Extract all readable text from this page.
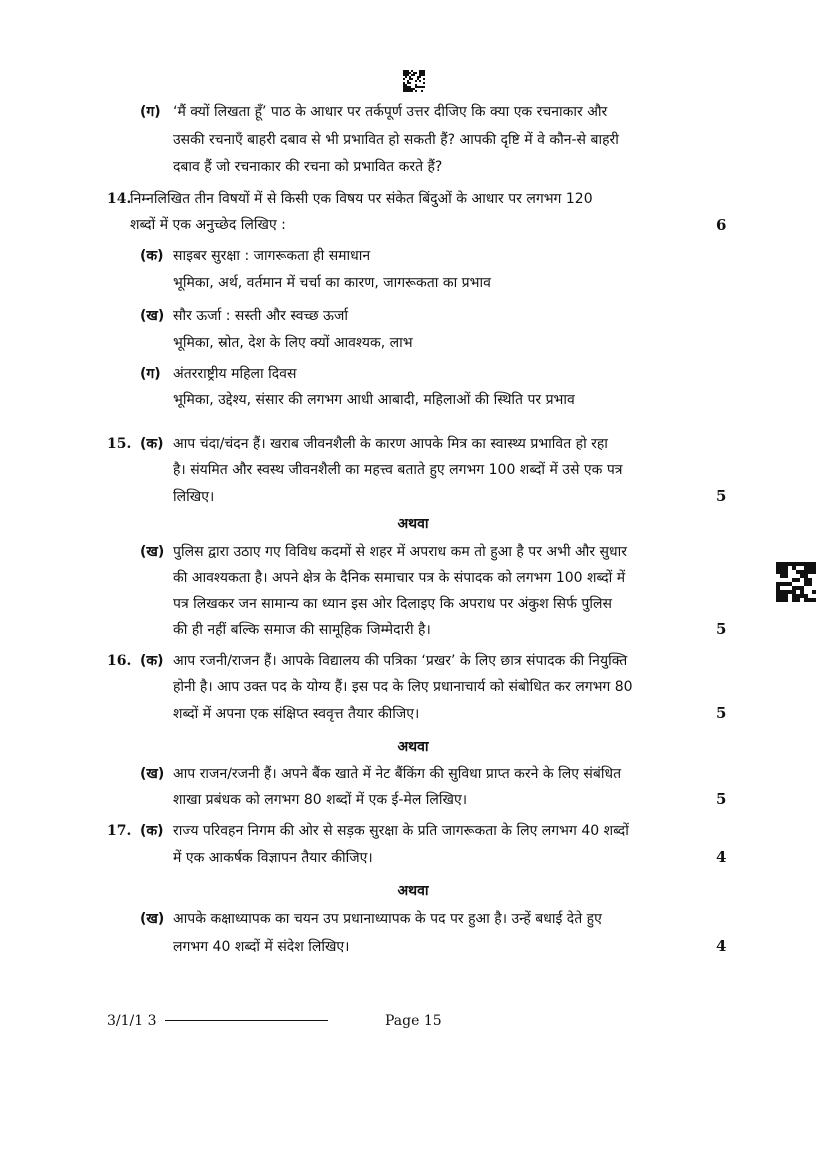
(ग) ‘मैं क्यों लिखता हूँ’ पाठ के आधार पर तर्कपूर्ण उत्तर दीजिए कि क्या एक रचनाकार और
उसकी रचनाएँ बाहरी दबाव से भी प्रभावित हो सकती हैं? आपकी दृष्टि में वे कौन-से बाहरी
दबाव हैं जो रचनाकार की रचना को प्रभावित करते हैं?
14.
निम्नलिखित तीन विषयों में से किसी एक विषय पर संकेत बिंदुओं के आधार पर लगभग 120
शब्दों में एक अनुच्छेद लिखिए :	6
(क) साइबर सुरक्षा : जागरूकता ही समाधान
भूमिका, अर्थ, वर्तमान में चर्चा का कारण, जागरूकता का प्रभाव
(ख) सौर ऊर्जा : सस्ती और स्वच्छ ऊर्जा
भूमिका, स्रोत, देश के लिए क्यों आवश्यक, लाभ
(ग) अंतरराष्ट्रीय महिला दिवस
भूमिका, उद्देश्य, संसार की लगभग आधी आबादी, महिलाओं की स्थिति पर प्रभाव
15. (क) आप चंदा/चंदन हैं। खराब जीवनशैली के कारण आपके मित्र का स्वास्थ्य प्रभावित हो रहा
है। संयमित और स्वस्थ जीवनशैली का महत्त्व बताते हुए लगभग 100 शब्दों में उसे एक पत्र
लिखिए।	5
अथवा
(ख) पुलिस द्वारा उठाए गए विविध कदमों से शहर में अपराध कम तो हुआ है पर अभी और सुधार
की आवश्यकता है। अपने क्षेत्र के दैनिक समाचार पत्र के संपादक को लगभग 100 शब्दों में
पत्र लिखकर जन सामान्य का ध्यान इस ओर दिलाइए कि अपराध पर अंकुश सिर्फ पुलिस
की ही नहीं बल्कि समाज की सामूहिक जिम्मेदारी है।	5
16. (क) आप रजनी/राजन हैं। आपके विद्यालय की पत्रिका ‘प्रखर’ के लिए छात्र संपादक की नियुक्ति
होनी है। आप उक्त पद के योग्य हैं। इस पद के लिए प्रधानाचार्य को संबोधित कर लगभग 80
शब्दों में अपना एक संक्षिप्त स्ववृत्त तैयार कीजिए।	5
अथवा
(ख) आप राजन/रजनी हैं। अपने बैंक खाते में नेट बैंकिंग की सुविधा प्राप्त करने के लिए संबंधित
शाखा प्रबंधक को लगभग 80 शब्दों में एक ई-मेल लिखिए।	5
17. (क) राज्य परिवहन निगम की ओर से सड़क सुरक्षा के प्रति जागरूकता के लिए लगभग 40 शब्दों
में एक आकर्षक विज्ञापन तैयार कीजिए।	4
अथवा
(ख) आपके कक्षाध्यापक का चयन उप प्रधानाध्यापक के पद पर हुआ है। उन्हें बधाई देते हुए
लगभग 40 शब्दों में संदेश लिखिए।	4
3/1/1 3	Page 15
